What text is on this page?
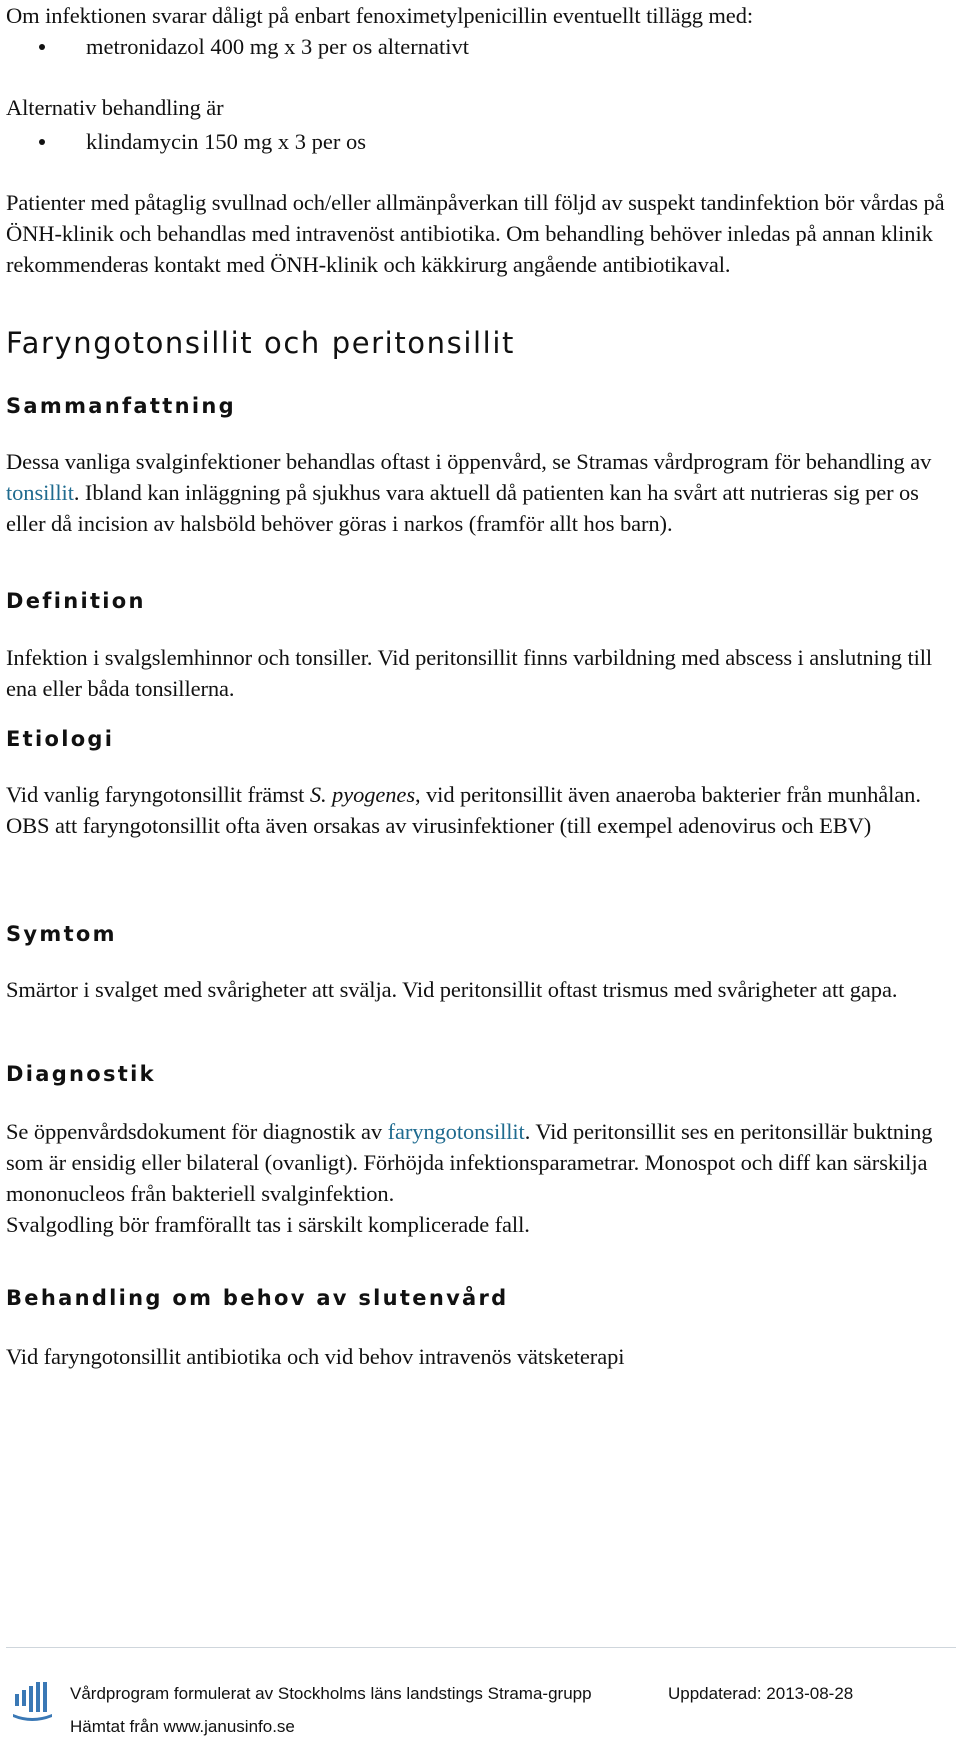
Om infektionen svarar dåligt på enbart fenoximetylpenicillin eventuellt tillägg med:

metronidazol 400 mg x 3 per os alternativt

Alternativ behandling är

klindamycin 150 mg x 3 per os

Patienter med påtaglig svullnad och/eller allmänpåverkan till följd av suspekt tandinfektion bör vårdas på ÖNH-klinik och behandlas med intravenöst antibiotika. Om behandling behöver inledas på annan klinik rekommenderas kontakt med ÖNH-klinik och käkkirurg angående antibiotikaval.

Faryngotonsillit och peritonsillit
Sammanfattning

Dessa vanliga svalginfektioner behandlas oftast i öppenvård, se Stramas vårdprogram för behandling av tonsillit. Ibland kan inläggning på sjukhus vara aktuell då patienten kan ha svårt att nutrieras sig per os eller då incision av halsböld behöver göras i narkos (framför allt hos barn).

Definition

Infektion i svalgslemhinnor och tonsiller. Vid peritonsillit finns varbildning med abscess i anslutning till ena eller båda tonsillerna.

Etiologi

Vid vanlig faryngotonsillit främst S. pyogenes, vid peritonsillit även anaeroba bakterier från munhålan.

OBS att faryngotonsillit ofta även orsakas av virusinfektioner (till exempel adenovirus och EBV)

Symtom

Smärtor i svalget med svårigheter att svälja. Vid peritonsillit oftast trismus med svårigheter att gapa.

Diagnostik

Se öppenvårdsdokument för diagnostik av faryngotonsillit. Vid peritonsillit ses en peritonsillär buktning som är ensidig eller bilateral (ovanligt). Förhöjda infektionsparametrar. Monospot och diff kan särskilja mononucleos från bakteriell svalginfektion.

Svalgodling bör framförallt tas i särskilt komplicerade fall.

Behandling om behov av slutenvård

Vid faryngotonsillit antibiotika och vid behov intravenös vätsketerapi

Vårdprogram formulerat av Stockholms läns landstings Strama-grupp	Uppdaterad: 2013-08-28
Hämtat från www.janusinfo.se
